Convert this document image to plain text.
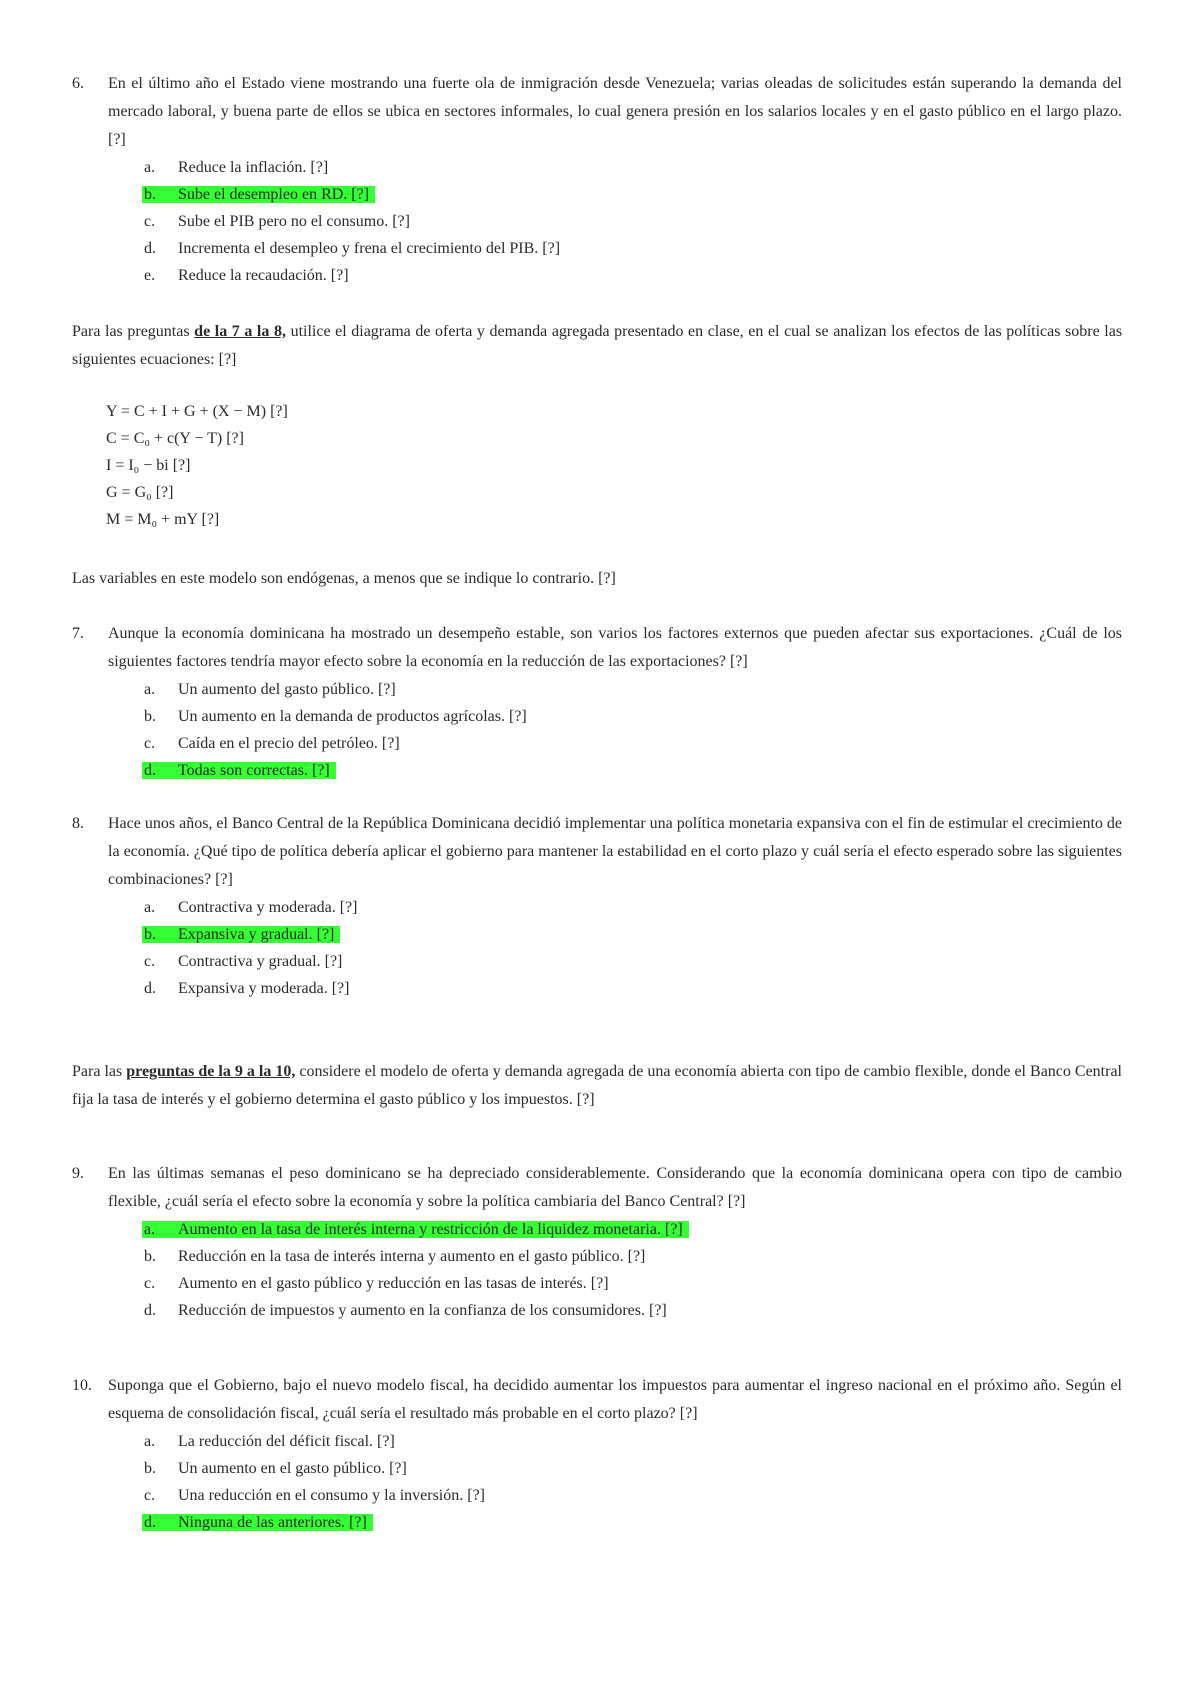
6. En el último año el Estado viene mostrando una fuerte ola de inmigración desde Venezuela; varias oleadas de solicitudes están superando la demanda del mercado laboral, y buena parte de ellos se ubica en sectores informales, lo cual genera presión en los salarios locales y en el gasto público en el largo plazo. [?]
a. Reduce la inflación. [?]
b. Sube el desempleo en RD. [?]
c. Sube el PIB pero no el consumo. [?]
d. Incrementa el desempleo y frena el crecimiento del PIB. [?]
e. Reduce la recaudación. [?]
Para las preguntas de la 7 a la 8, utilice el diagrama de oferta y demanda agregada presentado en clase, en el cual se analizan los efectos de las políticas sobre las siguientes ecuaciones: [?]
Y = C + I + G + (X − M) [?]
C = C₀ + c(Y − T) [?]
I = I₀ − bi [?]
G = G₀ [?]
M = M₀ + mY [?]
Las variables en este modelo son endógenas, a menos que se indique lo contrario. [?]
7. Aunque la economía dominicana ha mostrado un desempeño estable, son varios los factores externos que pueden afectar sus exportaciones. ¿Cuál de los siguientes factores tendría mayor efecto sobre la economía en la reducción de las exportaciones? [?]
a. Un aumento del gasto público. [?]
b. Un aumento en la demanda de productos agrícolas. [?]
c. Caída en el precio del petróleo. [?]
d. Todas son correctas. [?]
8. Hace unos años, el Banco Central de la República Dominicana decidió implementar una política monetaria expansiva con el fin de estimular el crecimiento de la economía. ¿Qué tipo de política debería aplicar el gobierno para mantener la estabilidad en el corto plazo y cuál sería el efecto esperado sobre las siguientes combinaciones? [?]
a. Contractiva y moderada. [?]
b. Expansiva y gradual. [?]
c. Contractiva y gradual. [?]
d. Expansiva y moderada. [?]
Para las preguntas de la 9 a la 10, considere el modelo de oferta y demanda agregada de una economía abierta con tipo de cambio flexible, donde el Banco Central fija la tasa de interés y el gobierno determina el gasto público y los impuestos. [?]
9. En las últimas semanas el peso dominicano se ha depreciado considerablemente. Considerando que la economía dominicana opera con tipo de cambio flexible, ¿cuál sería el efecto sobre la economía y sobre la política cambiaria del Banco Central? [?]
a. Aumento en la tasa de interés interna y restricción de la liquidez monetaria. [?]
b. Reducción en la tasa de interés interna y aumento en el gasto público. [?]
c. Aumento en el gasto público y reducción en las tasas de interés. [?]
d. Reducción de impuestos y aumento en la confianza de los consumidores. [?]
10. Suponga que el Gobierno, bajo el nuevo modelo fiscal, ha decidido aumentar los impuestos para aumentar el ingreso nacional en el próximo año. Según el esquema de consolidación fiscal, ¿cuál sería el resultado más probable en el corto plazo? [?]
a. La reducción del déficit fiscal. [?]
b. Un aumento en el gasto público. [?]
c. Una reducción en el consumo y la inversión. [?]
d. Ninguna de las anteriores. [?]
